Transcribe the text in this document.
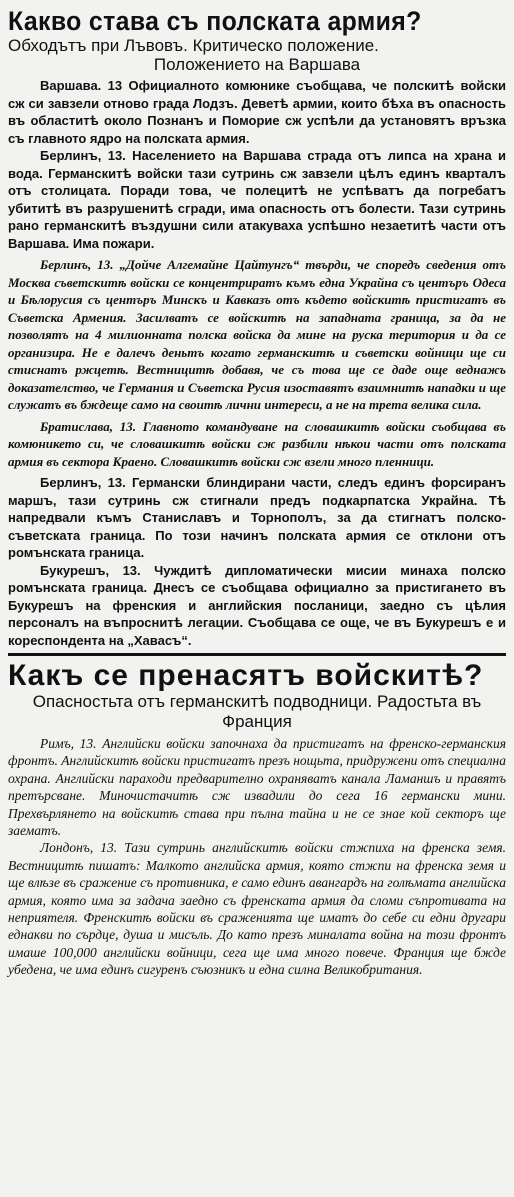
Какво става съ полската армия?

Обходътъ при Лъвовъ. Критическо положение.

Положението на Варшава

Варшава. 13 Официалното комюнике съобщава, че полскитѣ войски сж си завзели отново града Лодзъ. Деветѣ армии, които бѣха въ опасность въ областитѣ около Познанъ и Поморие сж успѣли да установятъ връзка съ главното ядро на полската армия.

Берлинъ, 13. Населението на Варшава страда отъ липса на храна и вода. Германскитѣ войски тази сутринь сж завзели цѣлъ единъ кварталъ отъ столицата. Поради това, че полецитѣ не успѣватъ да погребатъ убититѣ въ разрушенитѣ сгради, има опасность отъ болести. Тази сутринь рано германскитѣ въздушни сили атакуваха успѣшно незаетитѣ части отъ Варшава. Има пожари.

Берлинъ, 13. „Дойче Алгемайне Цайтунгъ“ твърди, че споредъ сведения отъ Москва съветскитѣ войски се концентриратъ къмъ една Украйна съ центъръ Одеса и Бѣлорусия съ центъръ Минскъ и Кавказъ отъ където войскитѣ пристигатъ въ Съветска Армения. Засилватъ се войскитѣ на западната граница, за да не позволятъ на 4 милионната полска войска да мине на руска територия и да се организира. Не е далечъ деньтъ когато германскитѣ и съветски войници ще си стиснатъ ржцетѣ. Вестницитѣ добавя, че съ това ще се даде още веднажъ доказателство, че Германия и Съветска Русия изоставятъ взаимнитѣ нападки и ще служатъ въ бждеще само на своитѣ лични интереси, а не на трета велика сила.

Братислава, 13. Главното командуване на словашкитѣ войски съобщава въ комюникето си, че словашкитѣ войски сж разбили нѣкои части отъ полската армия въ сектора Краено. Словашкитѣ войски сж взели много пленници.

Берлинъ, 13. Германски блиндирани части, следъ единъ форсиранъ маршъ, тази сутринь сж стигнали предъ подкарпатска Украйна. Тѣ напредвали къмъ Станиславъ и Торнополъ, за да стигнатъ полско-съветската граница. По този начинъ полската армия се отклони отъ ромънската граница.

Букурешъ, 13. Чуждитѣ дипломатически мисии минаха полско ромънската граница. Днесъ се съобщава официално за пристигането въ Букурешъ на френския и английския посланици, заедно съ цѣлия персоналъ на въпроснитѣ легации. Съобщава се още, че въ Букурешъ е и кореспондента на „Хавасъ“.

Какъ се пренасятъ войскитѣ?

Опасностьта отъ германскитѣ подводници. Радостьта въ Франция

Римъ, 13. Английски войски започнаха да пристигатъ на френско-германския фронтъ. Английскитѣ войски пристигатъ презъ нощьта, придружени отъ специална охрана. Английски параходи предварително охраняватъ канала Ламаншъ и правятъ претърсване. Миночистачитѣ сж извадили до сега 16 германски мини. Прехвърлянето на войскитѣ става при пълна тайна и не се знае кой секторъ ще заематъ.

Лондонъ, 13. Тази сутринь английскитѣ войски стжпиха на френска земя. Вестницитѣ пишатъ: Малкото английска армия, която стжпи на френска земя и ще влѣзе въ сражение съ противника, е само единъ авангардъ на голѣмата английска армия, която има за задача заедно съ френската армия да сломи съпротивата на неприятеля. Френскитѣ войски въ сраженията ще иматъ до себе си едни другари еднакви по сърдце, душа и мисъль. До като презъ миналата война на този фронтъ имаше 100,000 английски войници, сега ще има много повече. Франция ще бжде убедена, че има единъ сигуренъ съюзникъ и една силна Великобритания.
